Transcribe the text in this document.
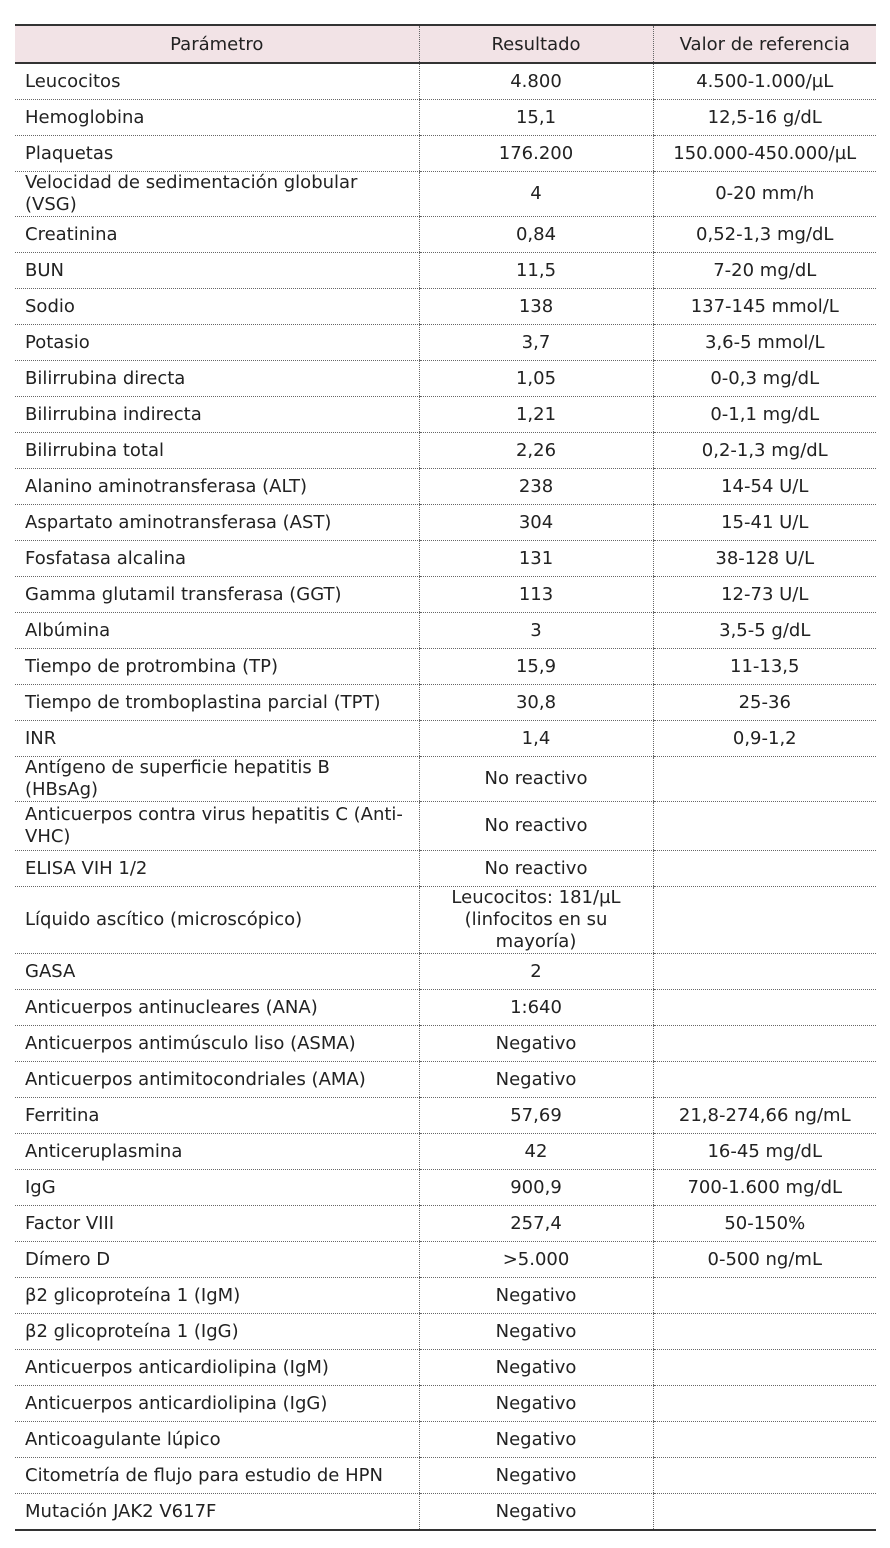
Parámetro	Resultado	Valor de referencia
Leucocitos	4.800	4.500-1.000/µL
Hemoglobina	15,1	12,5-16 g/dL
Plaquetas	176.200	150.000-450.000/µL
Velocidad de sedimentación globular (VSG)	4	0-20 mm/h
Creatinina	0,84	0,52-1,3 mg/dL
BUN	11,5	7-20 mg/dL
Sodio	138	137-145 mmol/L
Potasio	3,7	3,6-5 mmol/L
Bilirrubina directa	1,05	0-0,3 mg/dL
Bilirrubina indirecta	1,21	0-1,1 mg/dL
Bilirrubina total	2,26	0,2-1,3 mg/dL
Alanino aminotransferasa (ALT)	238	14-54 U/L
Aspartato aminotransferasa (AST)	304	15-41 U/L
Fosfatasa alcalina	131	38-128 U/L
Gamma glutamil transferasa (GGT)	113	12-73 U/L
Albúmina	3	3,5-5 g/dL
Tiempo de protrombina (TP)	15,9	11-13,5
Tiempo de tromboplastina parcial (TPT)	30,8	25-36
INR	1,4	0,9-1,2
Antígeno de superficie hepatitis B (HBsAg)	No reactivo	
Anticuerpos contra virus hepatitis C (Anti-VHC)	No reactivo	
ELISA VIH 1/2	No reactivo	
Líquido ascítico (microscópico)	Leucocitos: 181/µL (linfocitos en su mayoría)	
GASA	2	
Anticuerpos antinucleares (ANA)	1:640	
Anticuerpos antimúsculo liso (ASMA)	Negativo	
Anticuerpos antimitocondriales (AMA)	Negativo	
Ferritina	57,69	21,8-274,66 ng/mL
Anticeruplasmina	42	16-45 mg/dL
IgG	900,9	700-1.600 mg/dL
Factor VIII	257,4	50-150%
Dímero D	>5.000	0-500 ng/mL
β2 glicoproteína 1 (IgM)	Negativo	
β2 glicoproteína 1 (IgG)	Negativo	
Anticuerpos anticardiolipina (IgM)	Negativo	
Anticuerpos anticardiolipina (IgG)	Negativo	
Anticoagulante lúpico	Negativo	
Citometría de flujo para estudio de HPN	Negativo	
Mutación JAK2 V617F	Negativo	
